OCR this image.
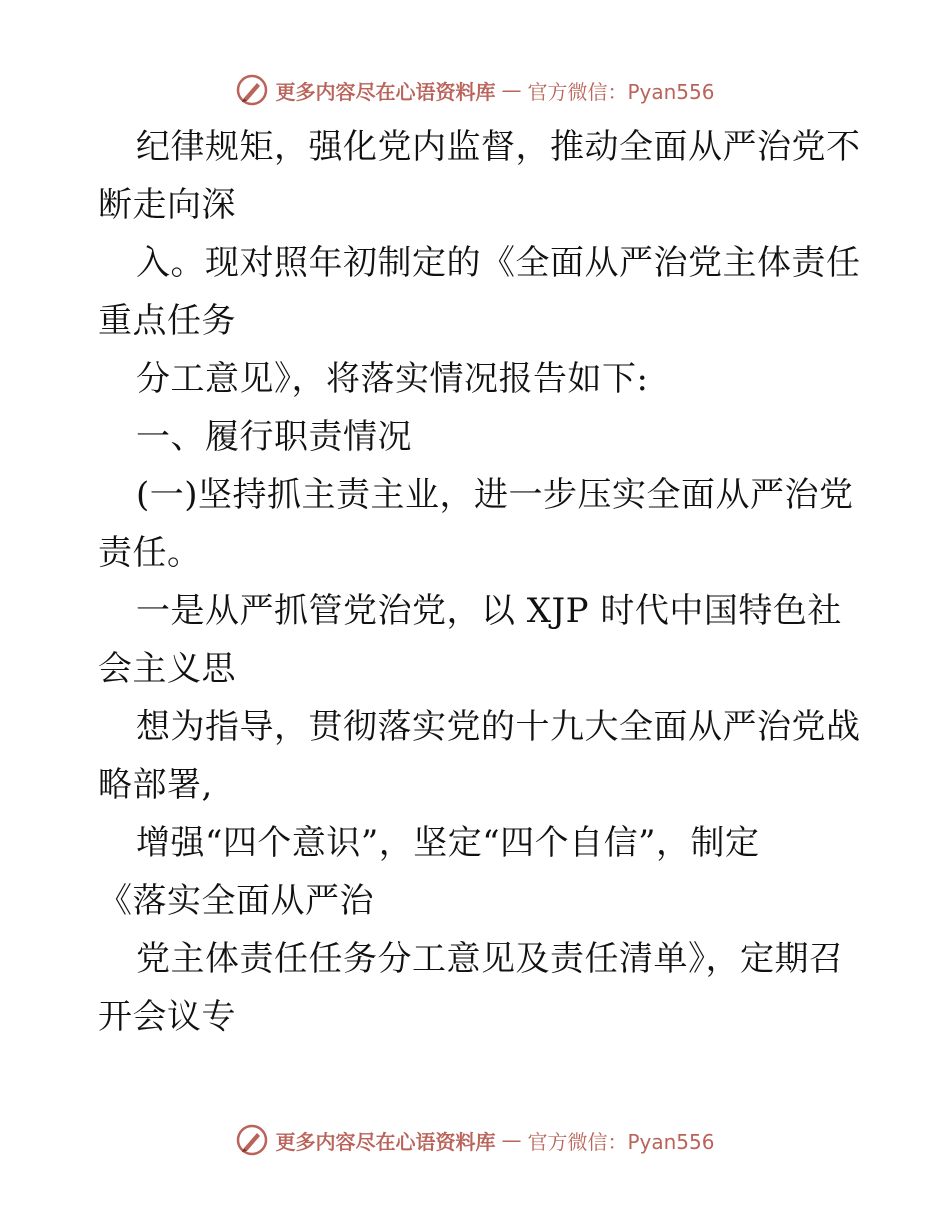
更多内容尽在心语资料库 — 官方微信：Pyan556
纪律规矩，强化党内监督，推动全面从严治党不
断走向深
入。现对照年初制定的《全面从严治党主体责任
重点任务
分工意见》，将落实情况报告如下:
一、履行职责情况
(一)坚持抓主责主业，进一步压实全面从严治党
责任。
一是从严抓管党治党，以 XJP 时代中国特色社
会主义思
想为指导，贯彻落实党的十九大全面从严治党战
略部署,
增强“四个意识”，坚定“四个自信”，制定
《落实全面从严治
党主体责任任务分工意见及责任清单》，定期召
开会议专
更多内容尽在心语资料库 — 官方微信：Pyan556
